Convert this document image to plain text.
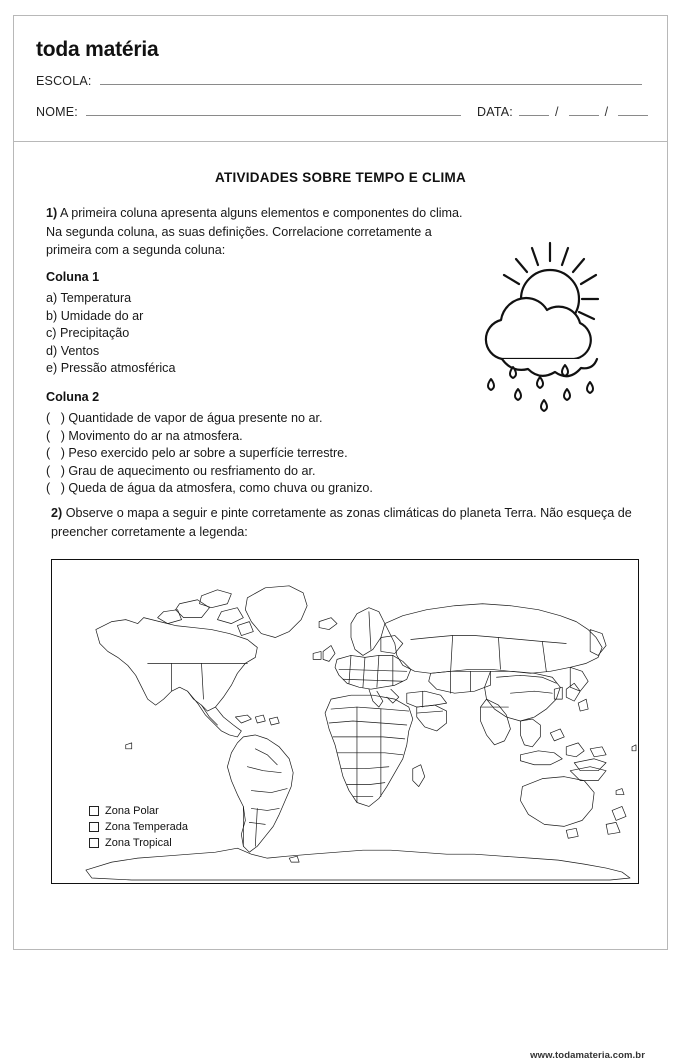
toda matéria
ESCOLA:
NOME:	DATA:	/	/
ATIVIDADES SOBRE TEMPO E CLIMA
1) A primeira coluna apresenta alguns elementos e componentes do clima. Na segunda coluna, as suas definições. Correlacione corretamente a primeira com a segunda coluna:
Coluna 1
a) Temperatura
b) Umidade do ar
c) Precipitação
d) Ventos
e) Pressão atmosférica
Coluna 2
(   ) Quantidade de vapor de água presente no ar.
(   ) Movimento do ar na atmosfera.
(   ) Peso exercido pelo ar sobre a superfície terrestre.
(   ) Grau de aquecimento ou resfriamento do ar.
(   ) Queda de água da atmosfera, como chuva ou granizo.
2) Observe o mapa a seguir e pinte corretamente as zonas climáticas do planeta Terra. Não esqueça de preencher corretamente a legenda:
Zona Polar
Zona Temperada
Zona Tropical
www.todamateria.com.br
